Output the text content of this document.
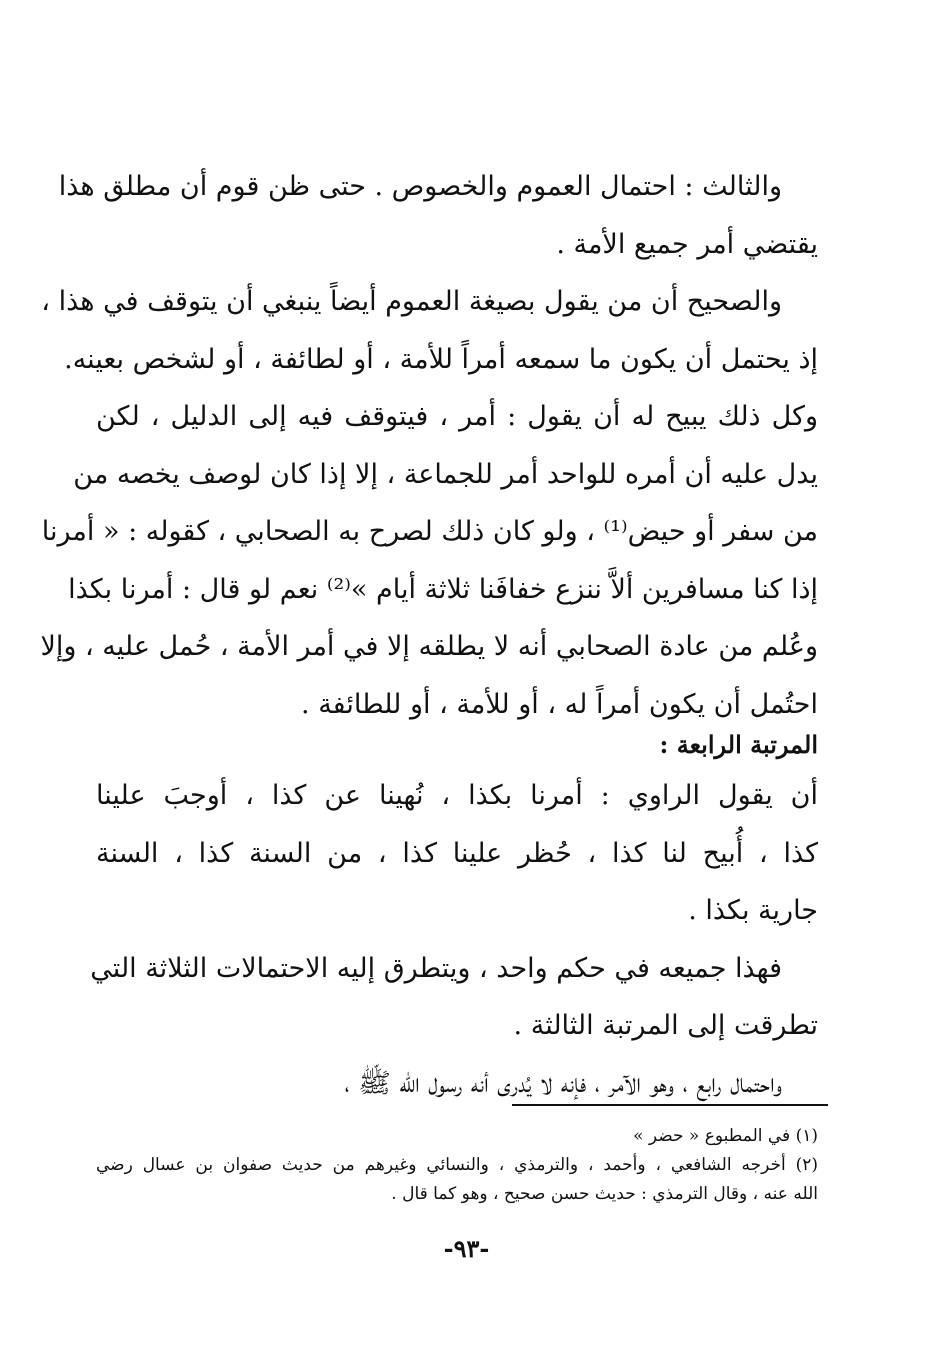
والثالث : احتمال العموم والخصوص . حتى ظن قوم أن مطلق هذا
يقتضي أمر جميع الأمة .
والصحيح أن من يقول بصيغة العموم أيضاً ينبغي أن يتوقف في هذا ،
إذ يحتمل أن يكون ما سمعه أمراً للأمة ، أو لطائفة ، أو لشخص بعينه.
وكل ذلك يبيح له أن يقول : أمر ، فيتوقف فيه إلى الدليل ، لكن
يدل عليه أن أمره للواحد أمر للجماعة ، إلا إذا كان لوصف يخصه من
من سفر أو حيض⁽¹⁾ ، ولو كان ذلك لصرح به الصحابي ، كقوله : « أمرنا
إذا كنا مسافرين ألاَّ ننزع خفافَنا ثلاثة أيام »⁽²⁾ نعم لو قال : أمرنا بكذا
وعُلم من عادة الصحابي أنه لا يطلقه إلا في أمر الأمة ، حُمل عليه ، وإلا
احتُمل أن يكون أمراً له ، أو للأمة ، أو للطائفة .
المرتبة الرابعة :
أن يقول الراوي : أمرنا بكذا ، نُهينا عن كذا ، أوجبَ علينا
كذا ، أُبيح لنا كذا ، حُظر علينا كذا ، من السنة كذا ، السنة
جارية بكذا .
فهذا جميعه في حكم واحد ، ويتطرق إليه الاحتمالات الثلاثة التي
تطرقت إلى المرتبة الثالثة .
واحتمال رابع ، وهو الآمر ، فإنه لا يُدرى أنه رسول الله ﷺ ،
(١) في المطبوع « حضر »
(٢) أخرجه الشافعي ، وأحمد ، والترمذي ، والنسائي وغيرهم من حديث صفوان بن عسال رضي
الله عنه ، وقال الترمذي : حديث حسن صحيح ، وهو كما قال .
-٩٣-
